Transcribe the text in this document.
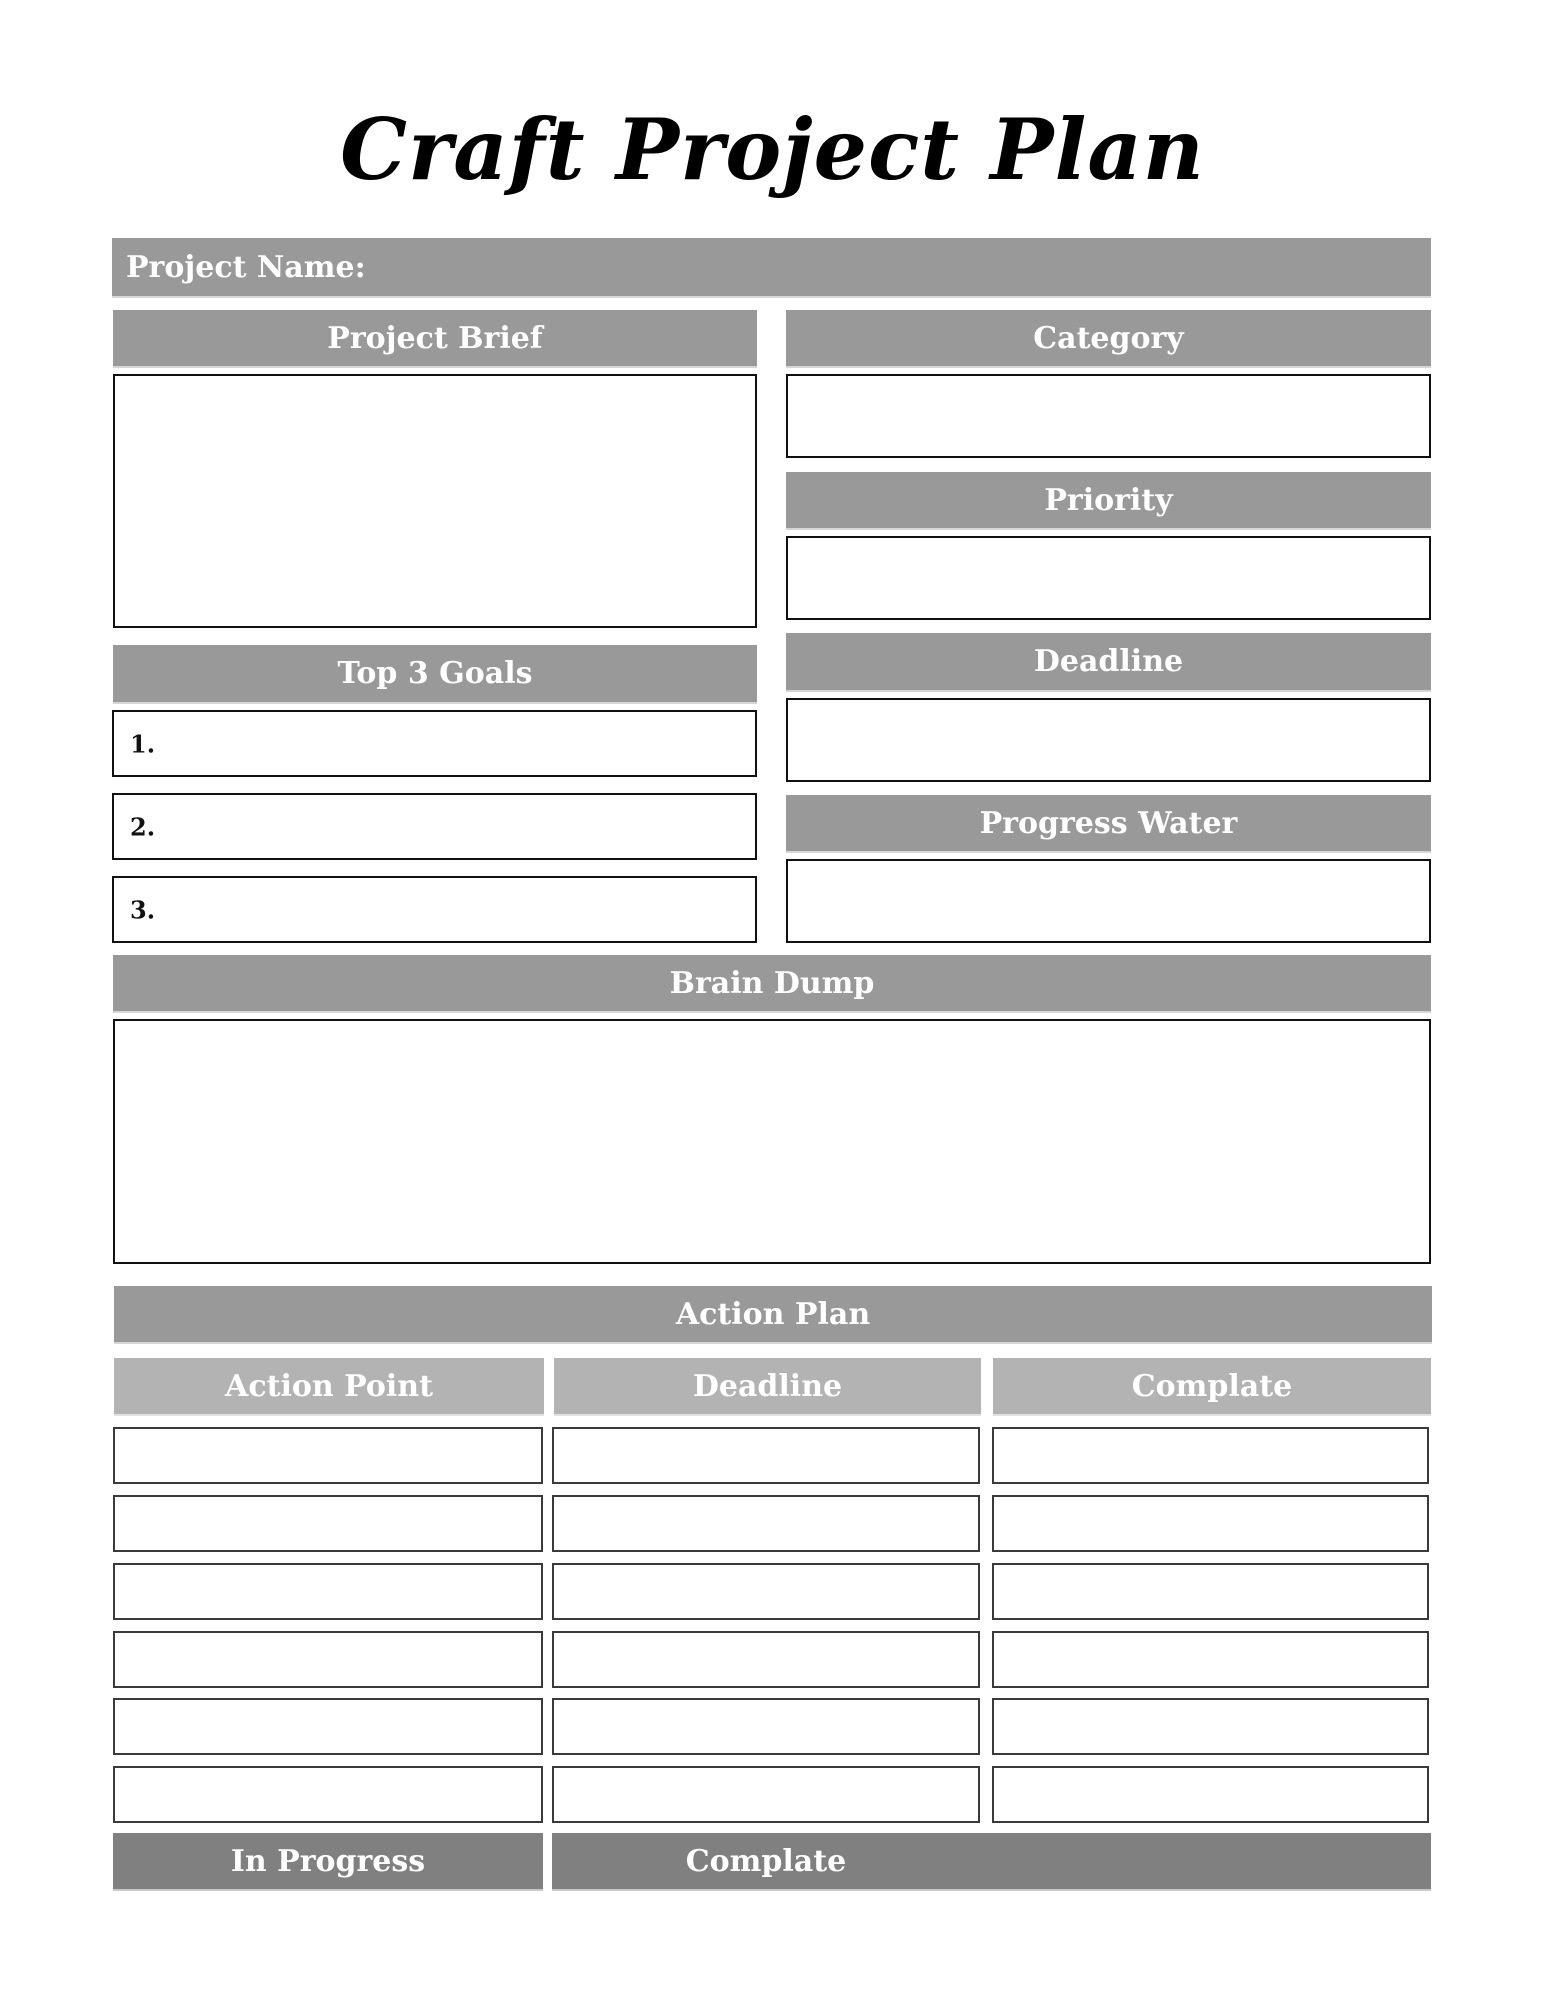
Craft Project Plan
Project Name:
Project Brief
Top 3 Goals
1.
2.
3.
Category
Priority
Deadline
Progress Water
Brain Dump
Action Plan
Action Point	Deadline	Complate
In Progress	Complate
